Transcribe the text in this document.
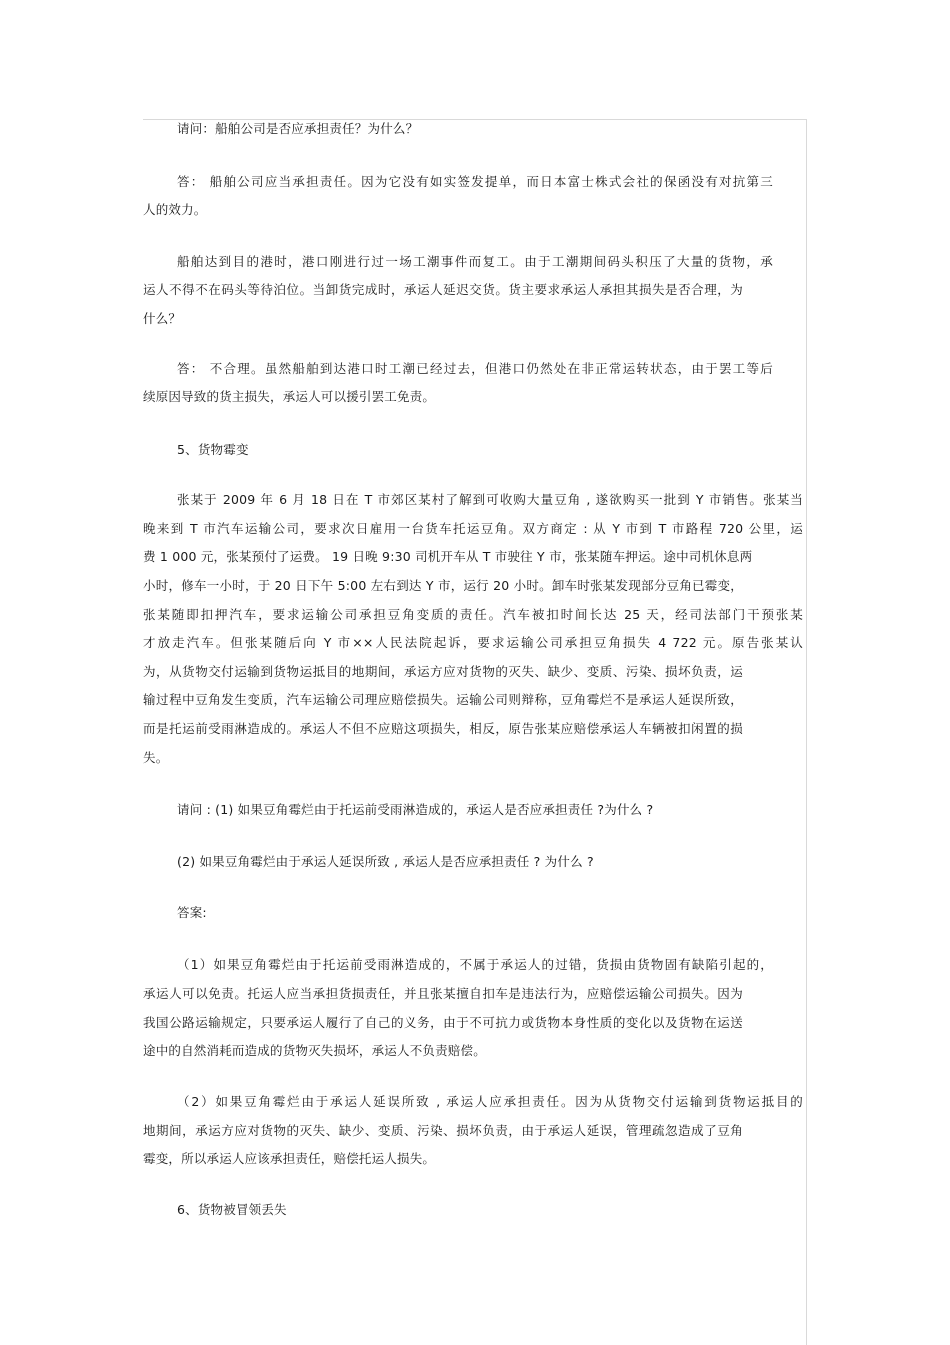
请问：船舶公司是否应承担责任？为什么？
答： 船舶公司应当承担责任。因为它没有如实签发提单，而日本富士株式会社的保函没有对抗第三
人的效力。
船舶达到目的港时，港口刚进行过一场工潮事件而复工。由于工潮期间码头积压了大量的货物，承
运人不得不在码头等待泊位。当卸货完成时，承运人延迟交货。货主要求承运人承担其损失是否合理，为
什么？
答： 不合理。虽然船舶到达港口时工潮已经过去，但港口仍然处在非正常运转状态，由于罢工等后
续原因导致的货主损失，承运人可以援引罢工免责。
5、货物霉变
张某于 2009 年 6 月 18 日在 T 市郊区某村了解到可收购大量豆角 , 遂欲购买一批到 Y 市销售。张某当
晚来到 T 市汽车运输公司，要求次日雇用一台货车托运豆角。双方商定 : 从 Y 市到 T 市路程 720 公里，运
费 1 000 元，张某预付了运费。 19 日晚 9:30 司机开车从 T 市驶往 Y 市，张某随车押运。途中司机休息两
小时，修车一小时，于 20 日下午 5:00 左右到达 Y 市，运行 20 小时。卸车时张某发现部分豆角已霉变，
张某随即扣押汽车，要求运输公司承担豆角变质的责任。汽车被扣时间长达 25 天，经司法部门干预张某
才放走汽车。但张某随后向 Y 市××人民法院起诉，要求运输公司承担豆角损失 4 722 元。原告张某认
为，从货物交付运输到货物运抵目的地期间，承运方应对货物的灭失、缺少、变质、污染、损坏负责，运
输过程中豆角发生变质，汽车运输公司理应赔偿损失。运输公司则辩称，豆角霉烂不是承运人延误所致，
而是托运前受雨淋造成的。承运人不但不应赔这项损失，相反，原告张某应赔偿承运人车辆被扣闲置的损
失。
请问 : (1) 如果豆角霉烂由于托运前受雨淋造成的，承运人是否应承担责任 ?为什么 ?
(2) 如果豆角霉烂由于承运人延误所致 , 承运人是否应承担责任 ? 为什么 ?
答案:
（1）如果豆角霉烂由于托运前受雨淋造成的，不属于承运人的过错，货损由货物固有缺陷引起的，
承运人可以免责。托运人应当承担货损责任，并且张某擅自扣车是违法行为，应赔偿运输公司损失。因为
我国公路运输规定，只要承运人履行了自己的义务，由于不可抗力或货物本身性质的变化以及货物在运送
途中的自然消耗而造成的货物灭失损坏，承运人不负责赔偿。
（2）如果豆角霉烂由于承运人延误所致 , 承运人应承担责任。因为从货物交付运输到货物运抵目的
地期间，承运方应对货物的灭失、缺少、变质、污染、损坏负责，由于承运人延误，管理疏忽造成了豆角
霉变，所以承运人应该承担责任，赔偿托运人损失。
6、货物被冒领丢失
